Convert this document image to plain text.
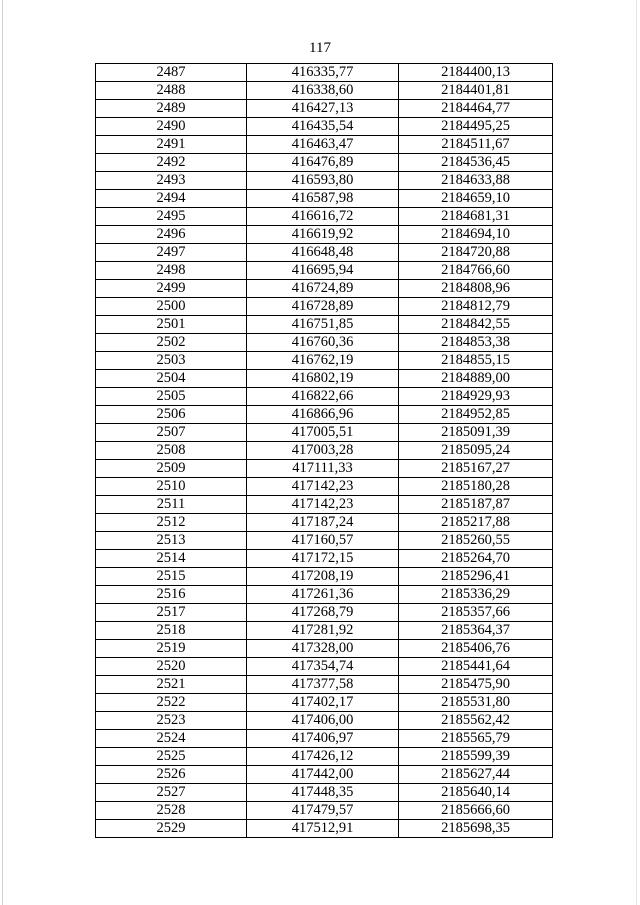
117
2487	416335,77	2184400,13
2488	416338,60	2184401,81
2489	416427,13	2184464,77
2490	416435,54	2184495,25
2491	416463,47	2184511,67
2492	416476,89	2184536,45
2493	416593,80	2184633,88
2494	416587,98	2184659,10
2495	416616,72	2184681,31
2496	416619,92	2184694,10
2497	416648,48	2184720,88
2498	416695,94	2184766,60
2499	416724,89	2184808,96
2500	416728,89	2184812,79
2501	416751,85	2184842,55
2502	416760,36	2184853,38
2503	416762,19	2184855,15
2504	416802,19	2184889,00
2505	416822,66	2184929,93
2506	416866,96	2184952,85
2507	417005,51	2185091,39
2508	417003,28	2185095,24
2509	417111,33	2185167,27
2510	417142,23	2185180,28
2511	417142,23	2185187,87
2512	417187,24	2185217,88
2513	417160,57	2185260,55
2514	417172,15	2185264,70
2515	417208,19	2185296,41
2516	417261,36	2185336,29
2517	417268,79	2185357,66
2518	417281,92	2185364,37
2519	417328,00	2185406,76
2520	417354,74	2185441,64
2521	417377,58	2185475,90
2522	417402,17	2185531,80
2523	417406,00	2185562,42
2524	417406,97	2185565,79
2525	417426,12	2185599,39
2526	417442,00	2185627,44
2527	417448,35	2185640,14
2528	417479,57	2185666,60
2529	417512,91	2185698,35
